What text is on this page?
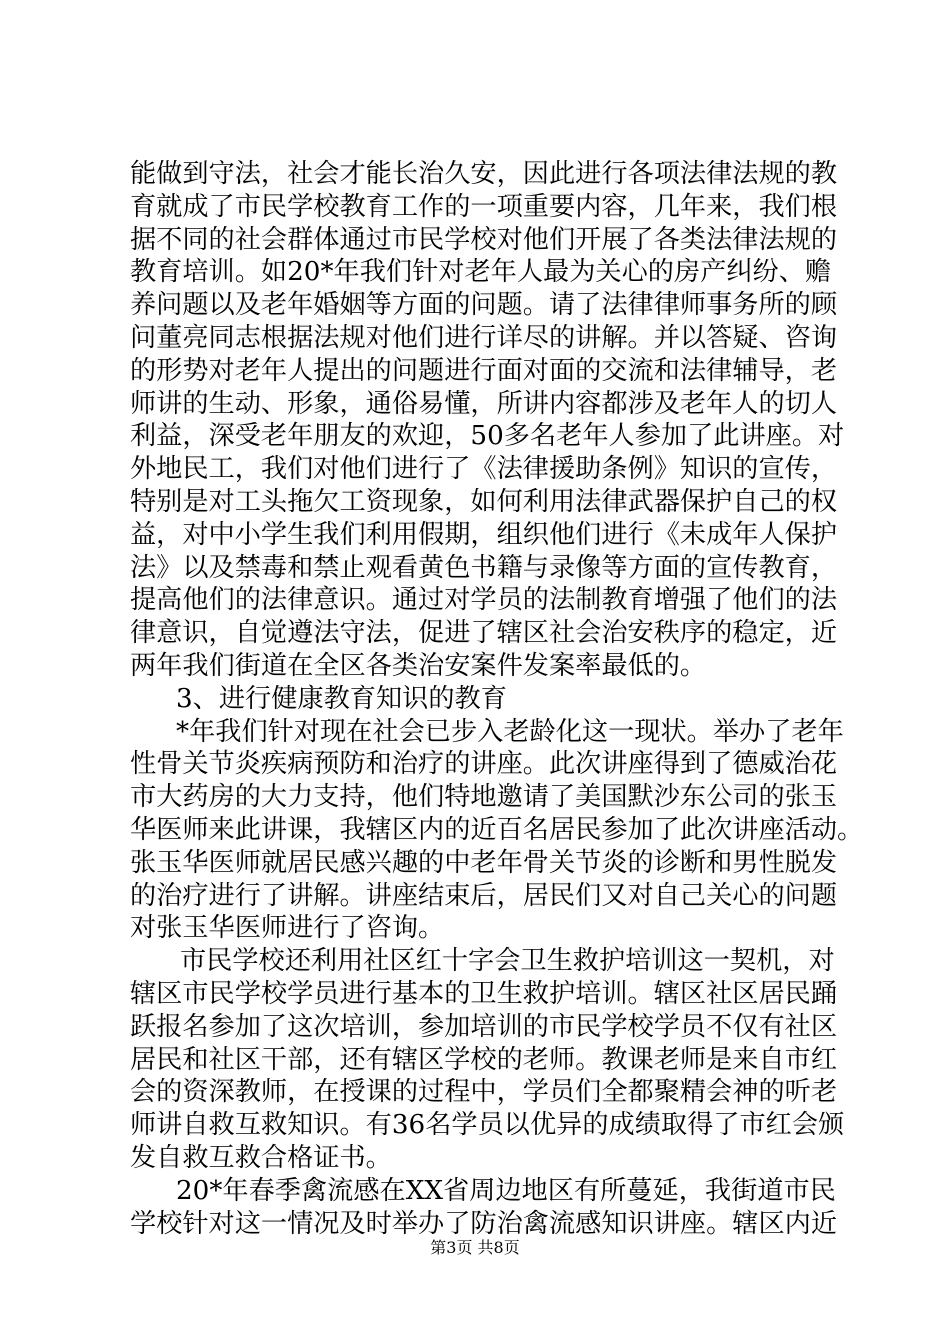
能做到守法，社会才能长治久安，因此进行各项法律法规的教
育就成了市民学校教育工作的一项重要内容，几年来，我们根
据不同的社会群体通过市民学校对他们开展了各类法律法规的
教育培训。如20*年我们针对老年人最为关心的房产纠纷、赡
养问题以及老年婚姻等方面的问题。请了法律律师事务所的顾
问董亮同志根据法规对他们进行详尽的讲解。并以答疑、咨询
的形势对老年人提出的问题进行面对面的交流和法律辅导，老
师讲的生动、形象，通俗易懂，所讲内容都涉及老年人的切人
利益，深受老年朋友的欢迎，50多名老年人参加了此讲座。对
外地民工，我们对他们进行了《法律援助条例》知识的宣传，
特别是对工头拖欠工资现象，如何利用法律武器保护自己的权
益，对中小学生我们利用假期，组织他们进行《未成年人保护
法》以及禁毒和禁止观看黄色书籍与录像等方面的宣传教育，
提高他们的法律意识。通过对学员的法制教育增强了他们的法
律意识，自觉遵法守法，促进了辖区社会治安秩序的稳定，近
两年我们街道在全区各类治安案件发案率最低的。
3、进行健康教育知识的教育
*年我们针对现在社会已步入老龄化这一现状。举办了老年
性骨关节炎疾病预防和治疗的讲座。此次讲座得到了德威治花
市大药房的大力支持，他们特地邀请了美国默沙东公司的张玉
华医师来此讲课，我辖区内的近百名居民参加了此次讲座活动。
张玉华医师就居民感兴趣的中老年骨关节炎的诊断和男性脱发
的治疗进行了讲解。讲座结束后，居民们又对自己关心的问题
对张玉华医师进行了咨询。
市民学校还利用社区红十字会卫生救护培训这一契机，对
辖区市民学校学员进行基本的卫生救护培训。辖区社区居民踊
跃报名参加了这次培训，参加培训的市民学校学员不仅有社区
居民和社区干部，还有辖区学校的老师。教课老师是来自市红
会的资深教师，在授课的过程中，学员们全都聚精会神的听老
师讲自救互救知识。有36名学员以优异的成绩取得了市红会颁
发自救互救合格证书。
20*年春季禽流感在XX省周边地区有所蔓延，我街道市民
学校针对这一情况及时举办了防治禽流感知识讲座。辖区内近
第3页 共8页
